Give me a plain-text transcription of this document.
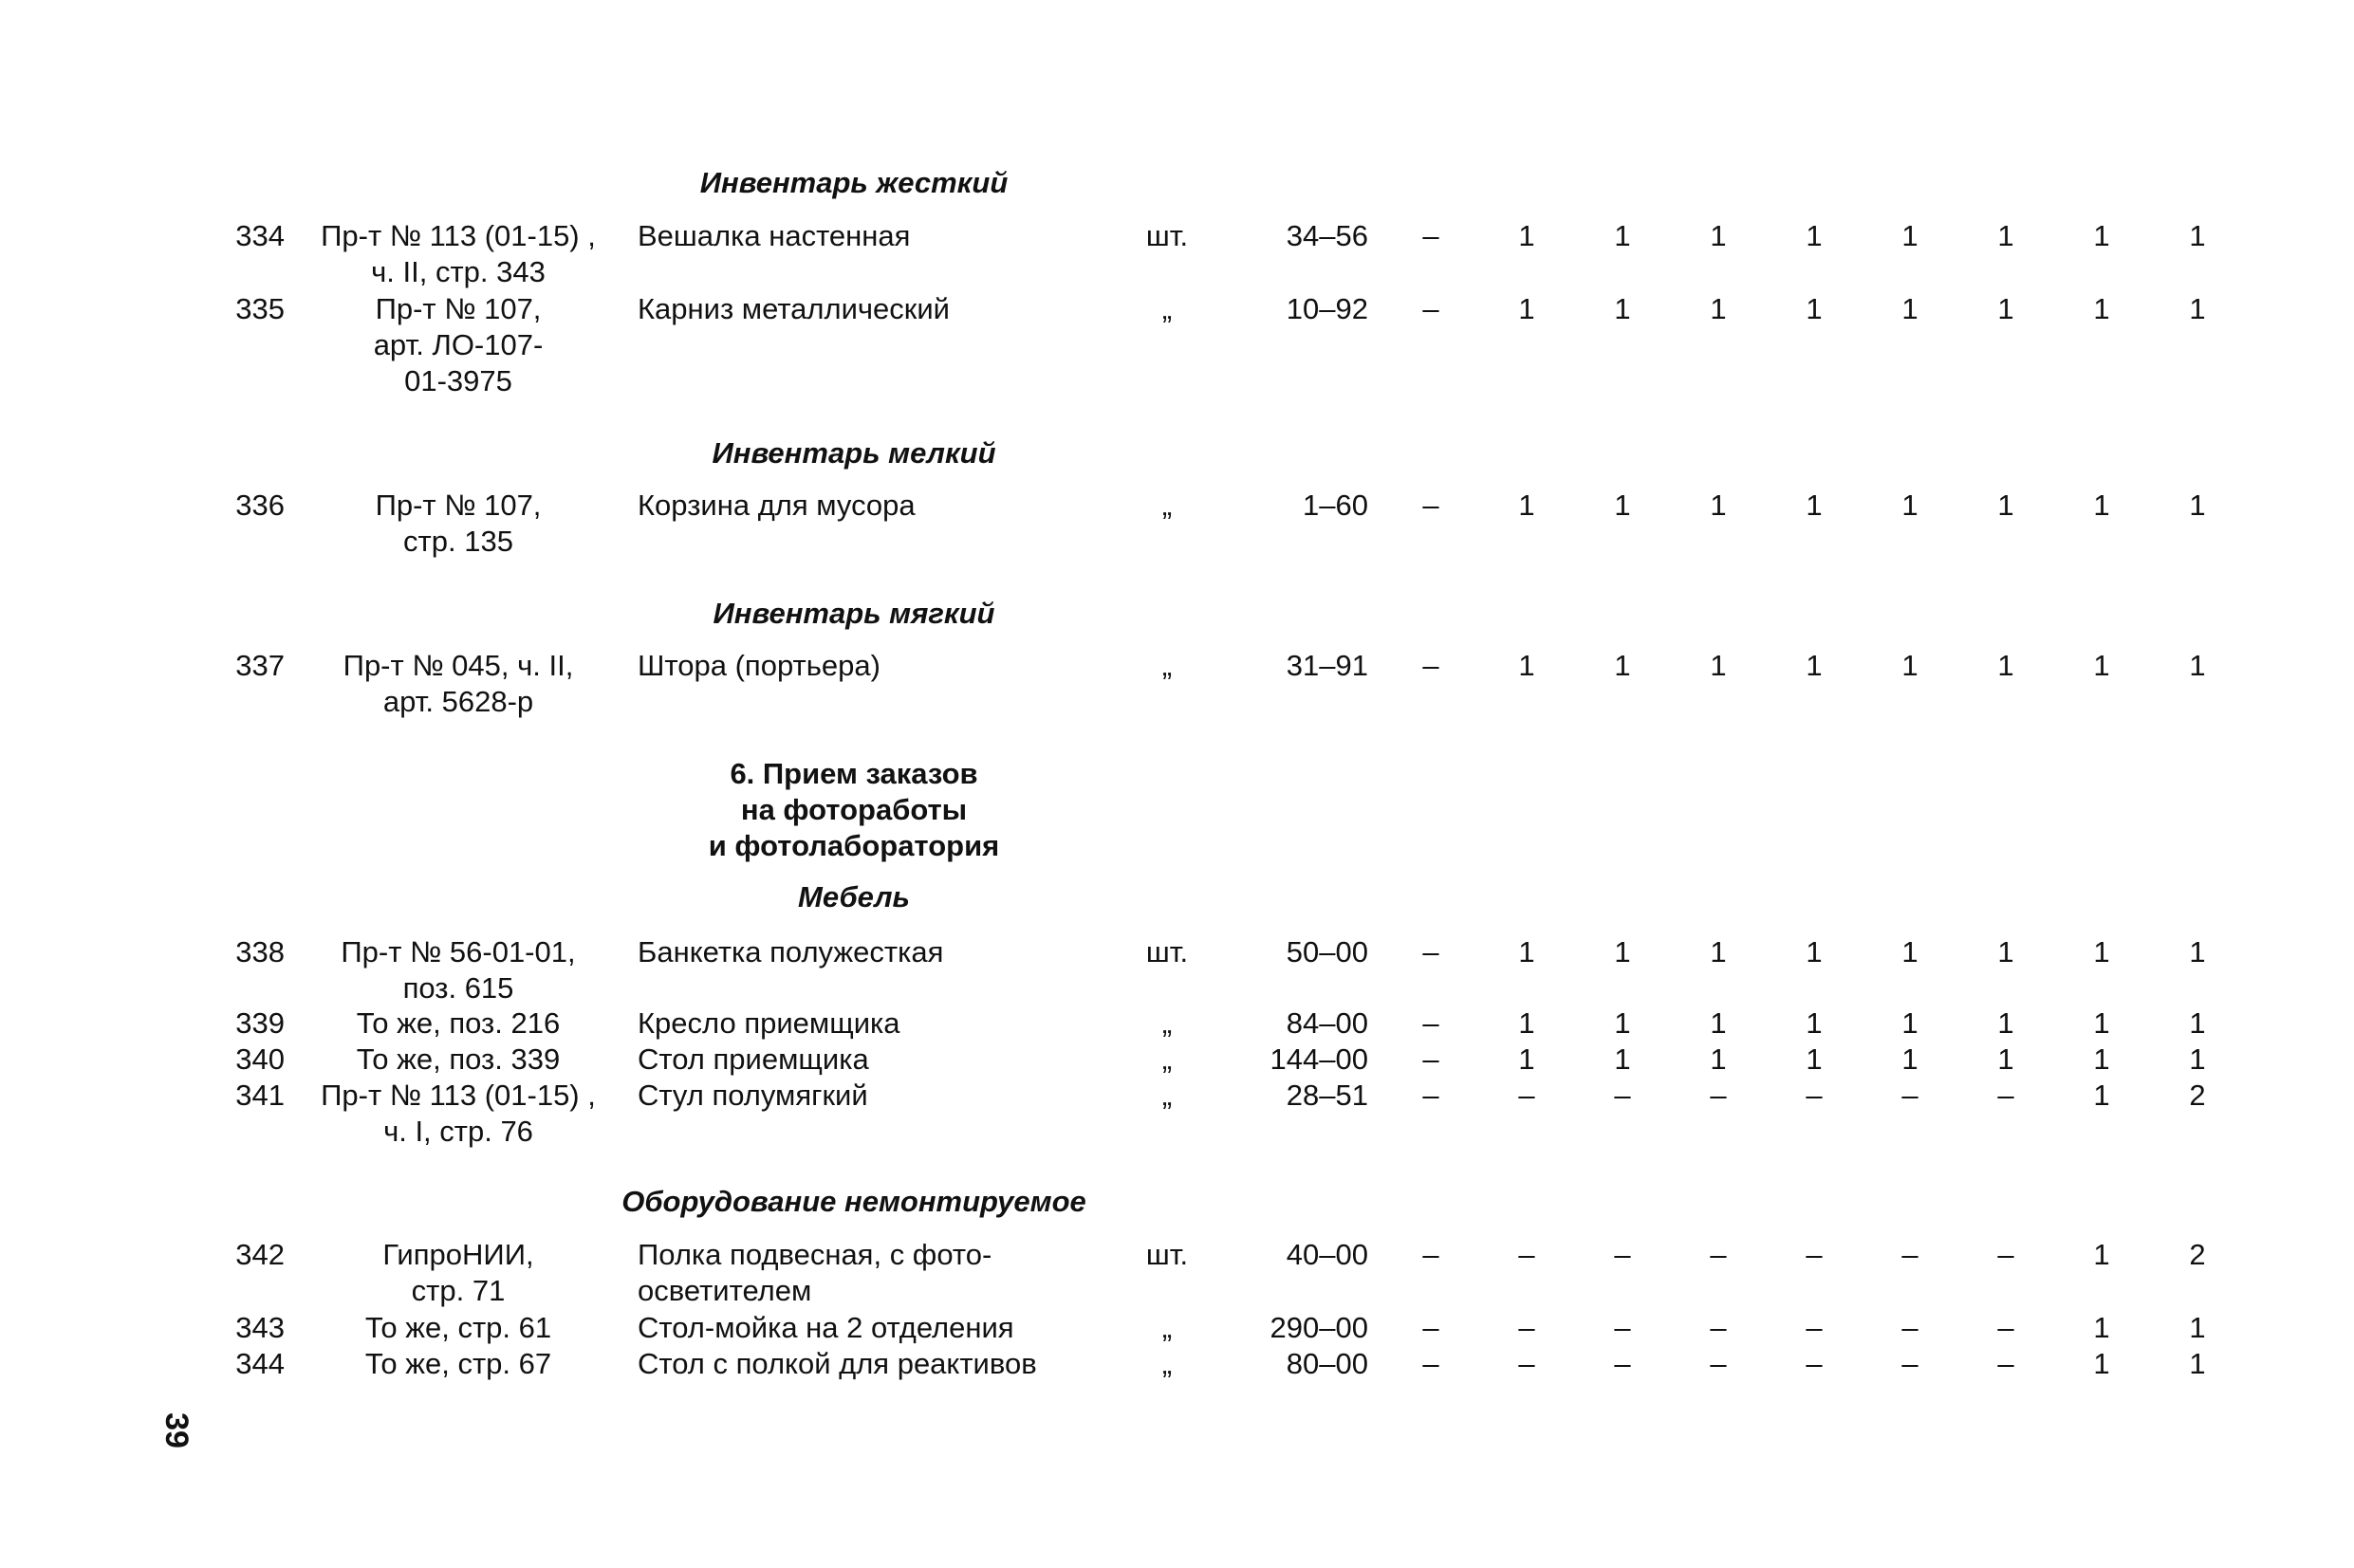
Инвентарь жесткий
334	Пр-т № 113 (01-15) ,
ч. II, стр. 343
Вешалка настенная	шт.	34–56	–	1	1	1	1	1	1	1	1
335	Пр-т № 107,
арт. ЛО-107-
01-3975
Карниз металлический	„	10–92	–	1	1	1	1	1	1	1	1
Инвентарь мелкий
336	Пр-т № 107,
стр. 135
Корзина для мусора	„	1–60	–	1	1	1	1	1	1	1	1
Инвентарь мягкий
337	Пр-т № 045, ч. II,
арт. 5628-р
Штора (портьера)	„	31–91	–	1	1	1	1	1	1	1	1
6. Прием заказов
на фотоработы
и фотолаборатория
Мебель
338	Пр-т № 56-01-01,
поз. 615
Банкетка полужесткая	шт.	50–00	–	1	1	1	1	1	1	1	1
339	То же, поз. 216	Кресло приемщика	„	84–00	–	1	1	1	1	1	1	1	1
340	То же, поз. 339	Стол приемщика	„	144–00	–	1	1	1	1	1	1	1	1
341	Пр-т № 113 (01-15) ,
ч. I, стр. 76
Стул полумягкий	„	28–51	–	–	–	–	–	–	–	1	2
Оборудование немонтируемое
342	ГипроНИИ,
стр. 71
Полка подвесная, с фото-
осветителем
шт.	40–00	–	–	–	–	–	–	–	1	2
343	То же, стр. 61	Стол-мойка на 2 отделения	„	290–00	–	–	–	–	–	–	–	1	1
344	То же, стр. 67	Стол с полкой для реактивов	„	80–00	–	–	–	–	–	–	–	1	1
39
